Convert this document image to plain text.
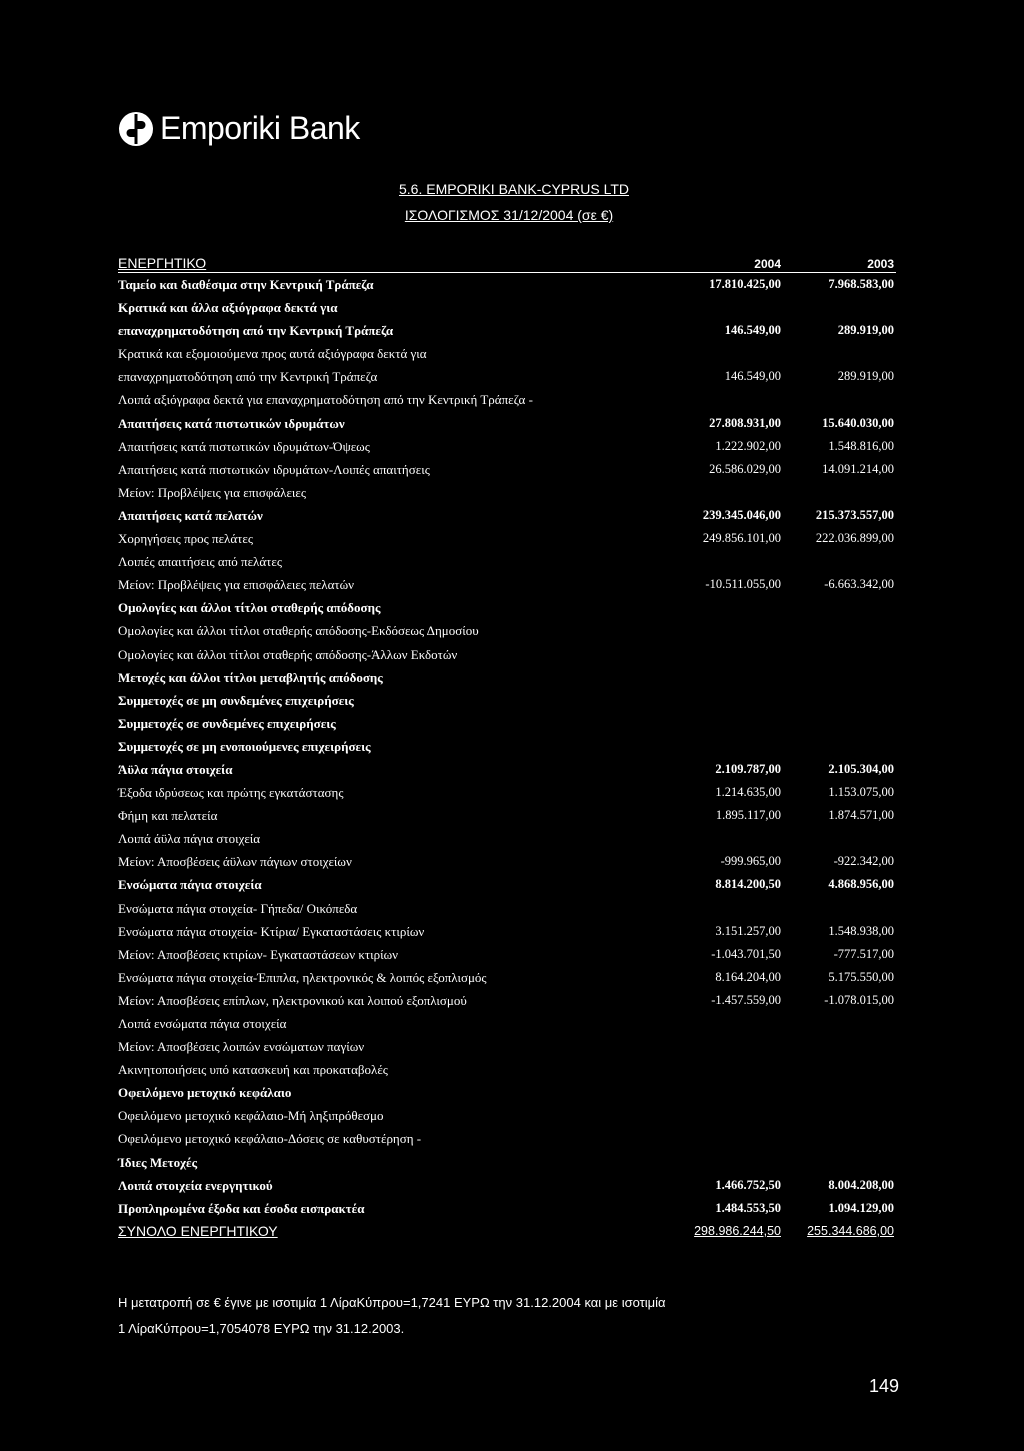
Emporiki Bank
5.6. EMPORIKI BANK-CYPRUS LTD
ΙΣΟΛΟΓΙΣΜΟΣ 31/12/2004 (σε €)
ΕΝΕΡΓΗΤΙΚΟ	2004	2003
Ταμείο και διαθέσιμα στην Κεντρική Τράπεζα	17.810.425,00	7.968.583,00
Κρατικά και άλλα αξιόγραφα δεκτά για
επαναχρηματοδότηση από την Κεντρική Τράπεζα	146.549,00	289.919,00
Κρατικά και εξομοιούμενα προς αυτά αξιόγραφα δεκτά για
επαναχρηματοδότηση από την Κεντρική Τράπεζα	146.549,00	289.919,00
Λοιπά αξιόγραφα δεκτά για επαναχρηματοδότηση από την Κεντρική Τράπεζα -
Απαιτήσεις κατά πιστωτικών ιδρυμάτων	27.808.931,00	15.640.030,00
Απαιτήσεις κατά πιστωτικών ιδρυμάτων-Όψεως	1.222.902,00	1.548.816,00
Απαιτήσεις κατά πιστωτικών ιδρυμάτων-Λοιπές απαιτήσεις	26.586.029,00	14.091.214,00
Μείον: Προβλέψεις για επισφάλειες
Απαιτήσεις κατά πελατών	239.345.046,00	215.373.557,00
Χορηγήσεις προς πελάτες	249.856.101,00	222.036.899,00
Λοιπές απαιτήσεις από πελάτες
Μείον: Προβλέψεις για επισφάλειες πελατών	-10.511.055,00	-6.663.342,00
Ομολογίες και άλλοι τίτλοι σταθερής απόδοσης
Ομολογίες και άλλοι τίτλοι σταθερής απόδοσης-Εκδόσεως Δημοσίου
Ομολογίες και άλλοι τίτλοι σταθερής απόδοσης-Άλλων Εκδοτών
Μετοχές και άλλοι τίτλοι μεταβλητής απόδοσης
Συμμετοχές σε μη συνδεμένες επιχειρήσεις
Συμμετοχές σε συνδεμένες επιχειρήσεις
Συμμετοχές σε μη ενοποιούμενες επιχειρήσεις
Άϋλα πάγια στοιχεία	2.109.787,00	2.105.304,00
Έξοδα ιδρύσεως και πρώτης εγκατάστασης	1.214.635,00	1.153.075,00
Φήμη και πελατεία	1.895.117,00	1.874.571,00
Λοιπά άϋλα πάγια στοιχεία
Μείον: Αποσβέσεις άϋλων πάγιων στοιχείων	-999.965,00	-922.342,00
Ενσώματα πάγια στοιχεία	8.814.200,50	4.868.956,00
Ενσώματα πάγια στοιχεία- Γήπεδα/ Οικόπεδα
Ενσώματα πάγια στοιχεία- Κτίρια/ Εγκαταστάσεις κτιρίων	3.151.257,00	1.548.938,00
Μείον: Αποσβέσεις κτιρίων- Εγκαταστάσεων κτιρίων	-1.043.701,50	-777.517,00
Ενσώματα πάγια στοιχεία-Έπιπλα, ηλεκτρονικός & λοιπός εξοπλισμός	8.164.204,00	5.175.550,00
Μείον: Αποσβέσεις επίπλων, ηλεκτρονικού και λοιπού εξοπλισμού	-1.457.559,00	-1.078.015,00
Λοιπά ενσώματα πάγια στοιχεία
Μείον: Αποσβέσεις λοιπών ενσώματων παγίων
Ακινητοποιήσεις υπό κατασκευή και προκαταβολές
Οφειλόμενο μετοχικό κεφάλαιο
Οφειλόμενο μετοχικό κεφάλαιο-Μή ληξιπρόθεσμο
Οφειλόμενο μετοχικό κεφάλαιο-Δόσεις σε καθυστέρηση -
Ίδιες Μετοχές
Λοιπά στοιχεία ενεργητικού	1.466.752,50	8.004.208,00
Προπληρωμένα έξοδα και έσοδα εισπρακτέα	1.484.553,50	1.094.129,00
ΣΥΝΟΛΟ ΕΝΕΡΓΗΤΙΚΟΥ	298.986.244,50 255.344.686,00
Η μετατροπή σε € έγινε με ισοτιμία 1 ΛίραΚύπρου=1,7241 ΕΥΡΩ την 31.12.2004 και με ισοτιμία
1 ΛίραΚύπρου=1,7054078 ΕΥΡΩ την 31.12.2003.
149
